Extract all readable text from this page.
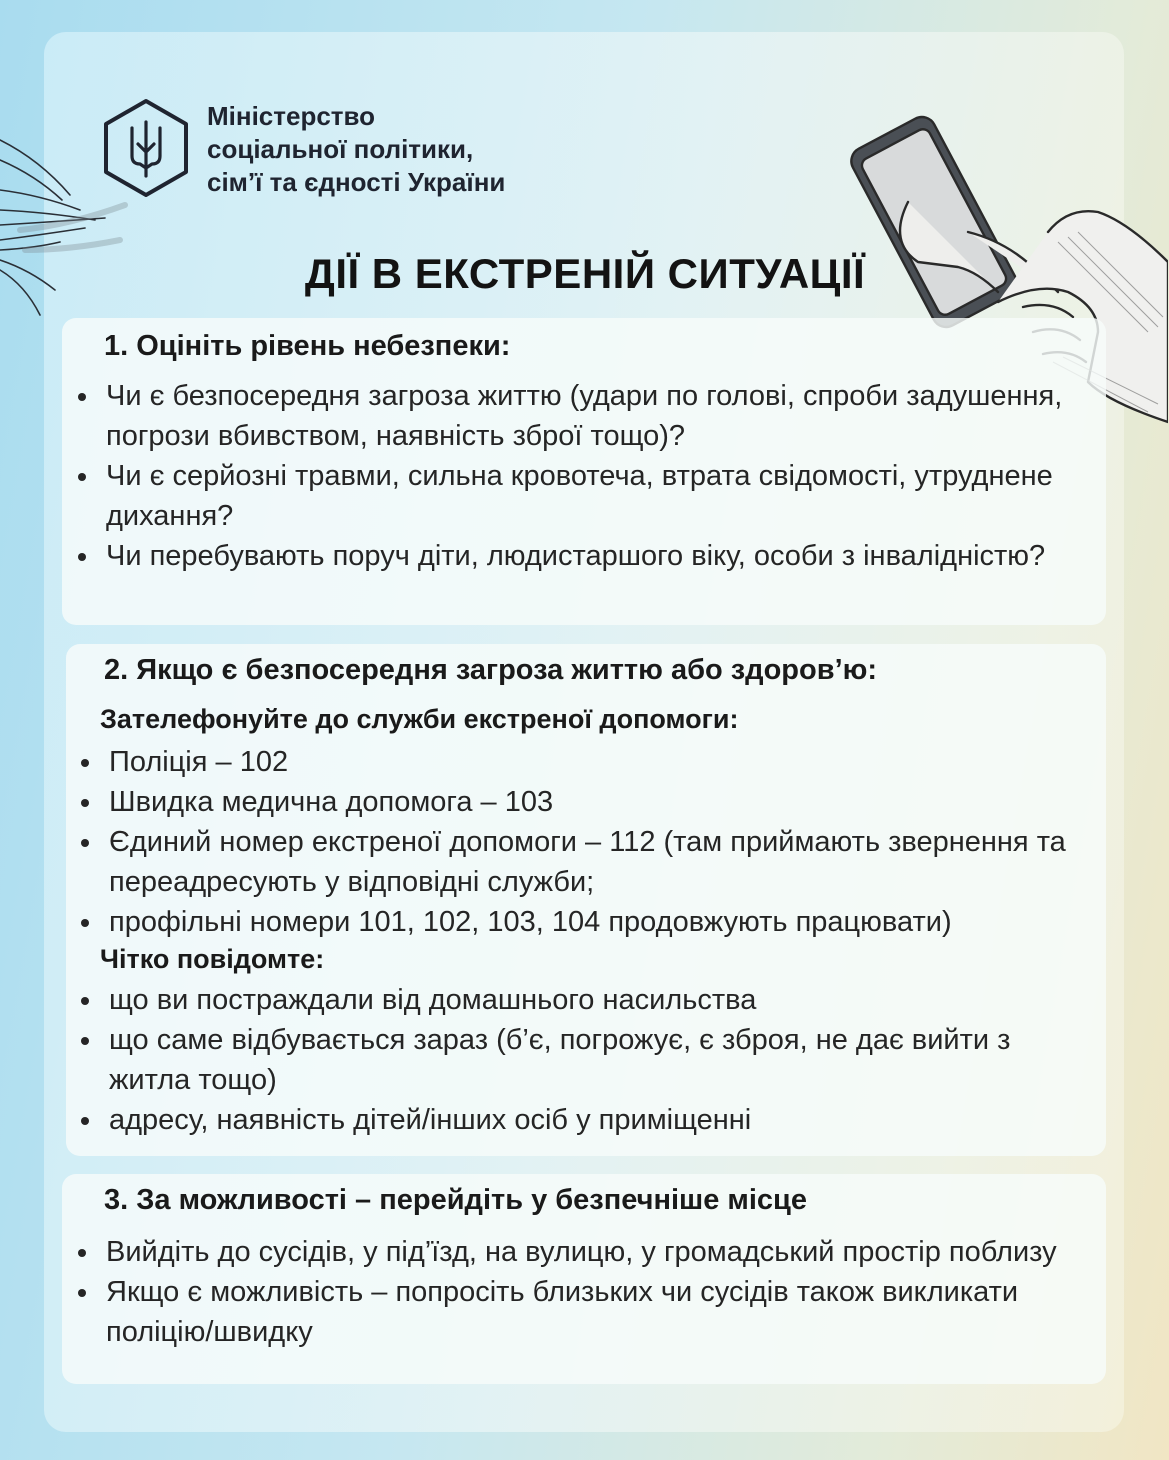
Міністерство
соціальної політики,
сім’ї та єдності України
ДІЇ В ЕКСТРЕНІЙ СИТУАЦІЇ
1. Оцініть рівень небезпеки:
Чи є безпосередня загроза життю (удари по голові, спроби задушення, погрози вбивством, наявність зброї тощо)?
Чи є серйозні травми, сильна кровотеча, втрата свідомості, утруднене дихання?
Чи перебувають поруч діти, людистаршого віку, особи з інвалідністю?
2. Якщо є безпосередня загроза життю або здоров’ю:

Зателефонуйте до служби екстреної допомоги:

Поліція – 102
Швидка медична допомога – 103
Єдиний номер екстреної допомоги – 112 (там приймають звернення та переадресують у відповідні служби;
профільні номери 101, 102, 103, 104 продовжують працювати)

Чітко повідомте:

що ви постраждали від домашнього насильства
що саме відбувається зараз (б’є, погрожує, є зброя, не дає вийти з житла тощо)
адресу, наявність дітей/інших осіб у приміщенні
3. За можливості – перейдіть у безпечніше місце
Вийдіть до сусідів, у під’їзд, на вулицю, у громадський простір поблизу
Якщо є можливість – попросіть близьких чи сусідів також викликати поліцію/швидку
